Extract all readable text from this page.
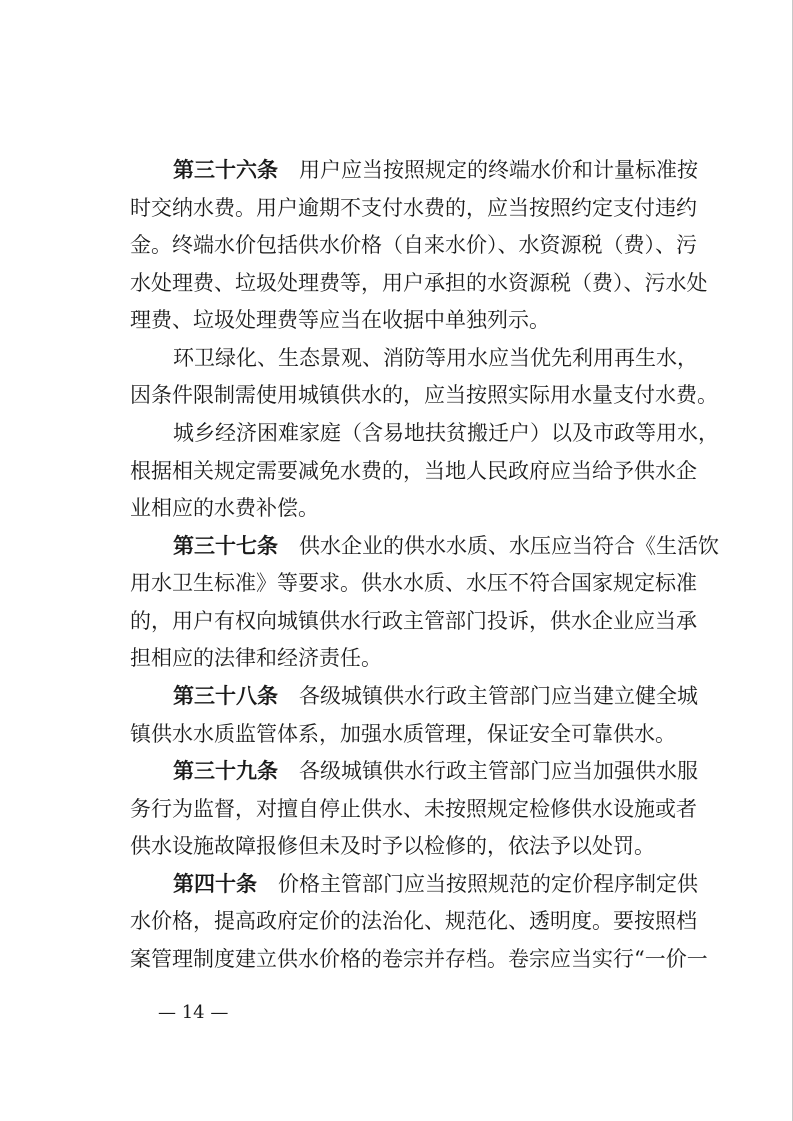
第三十六条　 用户应当按照规定的终端水价和计量标准按
时交纳水费。用户逾期不支付水费的，应当按照约定支付违约
金。终端水价包括供水价格（自来水价）、水资源税（费）、污
水处理费、垃圾处理费等，用户承担的水资源税（费）、污水处
理费、垃圾处理费等应当在收据中单独列示。
环卫绿化、生态景观、消防等用水应当优先利用再生水，
因条件限制需使用城镇供水的，应当按照实际用水量支付水费。
城乡经济困难家庭（含易地扶贫搬迁户）以及市政等用水，
根据相关规定需要减免水费的，当地人民政府应当给予供水企
业相应的水费补偿。
第三十七条　 供水企业的供水水质、水压应当符合《生活饮
用水卫生标准》等要求。供水水质、水压不符合国家规定标准
的，用户有权向城镇供水行政主管部门投诉，供水企业应当承
担相应的法律和经济责任。
第三十八条　 各级城镇供水行政主管部门应当建立健全城
镇供水水质监管体系，加强水质管理，保证安全可靠供水。
第三十九条　 各级城镇供水行政主管部门应当加强供水服
务行为监督，对擅自停止供水、未按照规定检修供水设施或者
供水设施故障报修但未及时予以检修的，依法予以处罚。
第四十条　 价格主管部门应当按照规范的定价程序制定供
水价格，提高政府定价的法治化、规范化、透明度。要按照档
案管理制度建立供水价格的卷宗并存档。卷宗应当实行“一价一
— 14 —
